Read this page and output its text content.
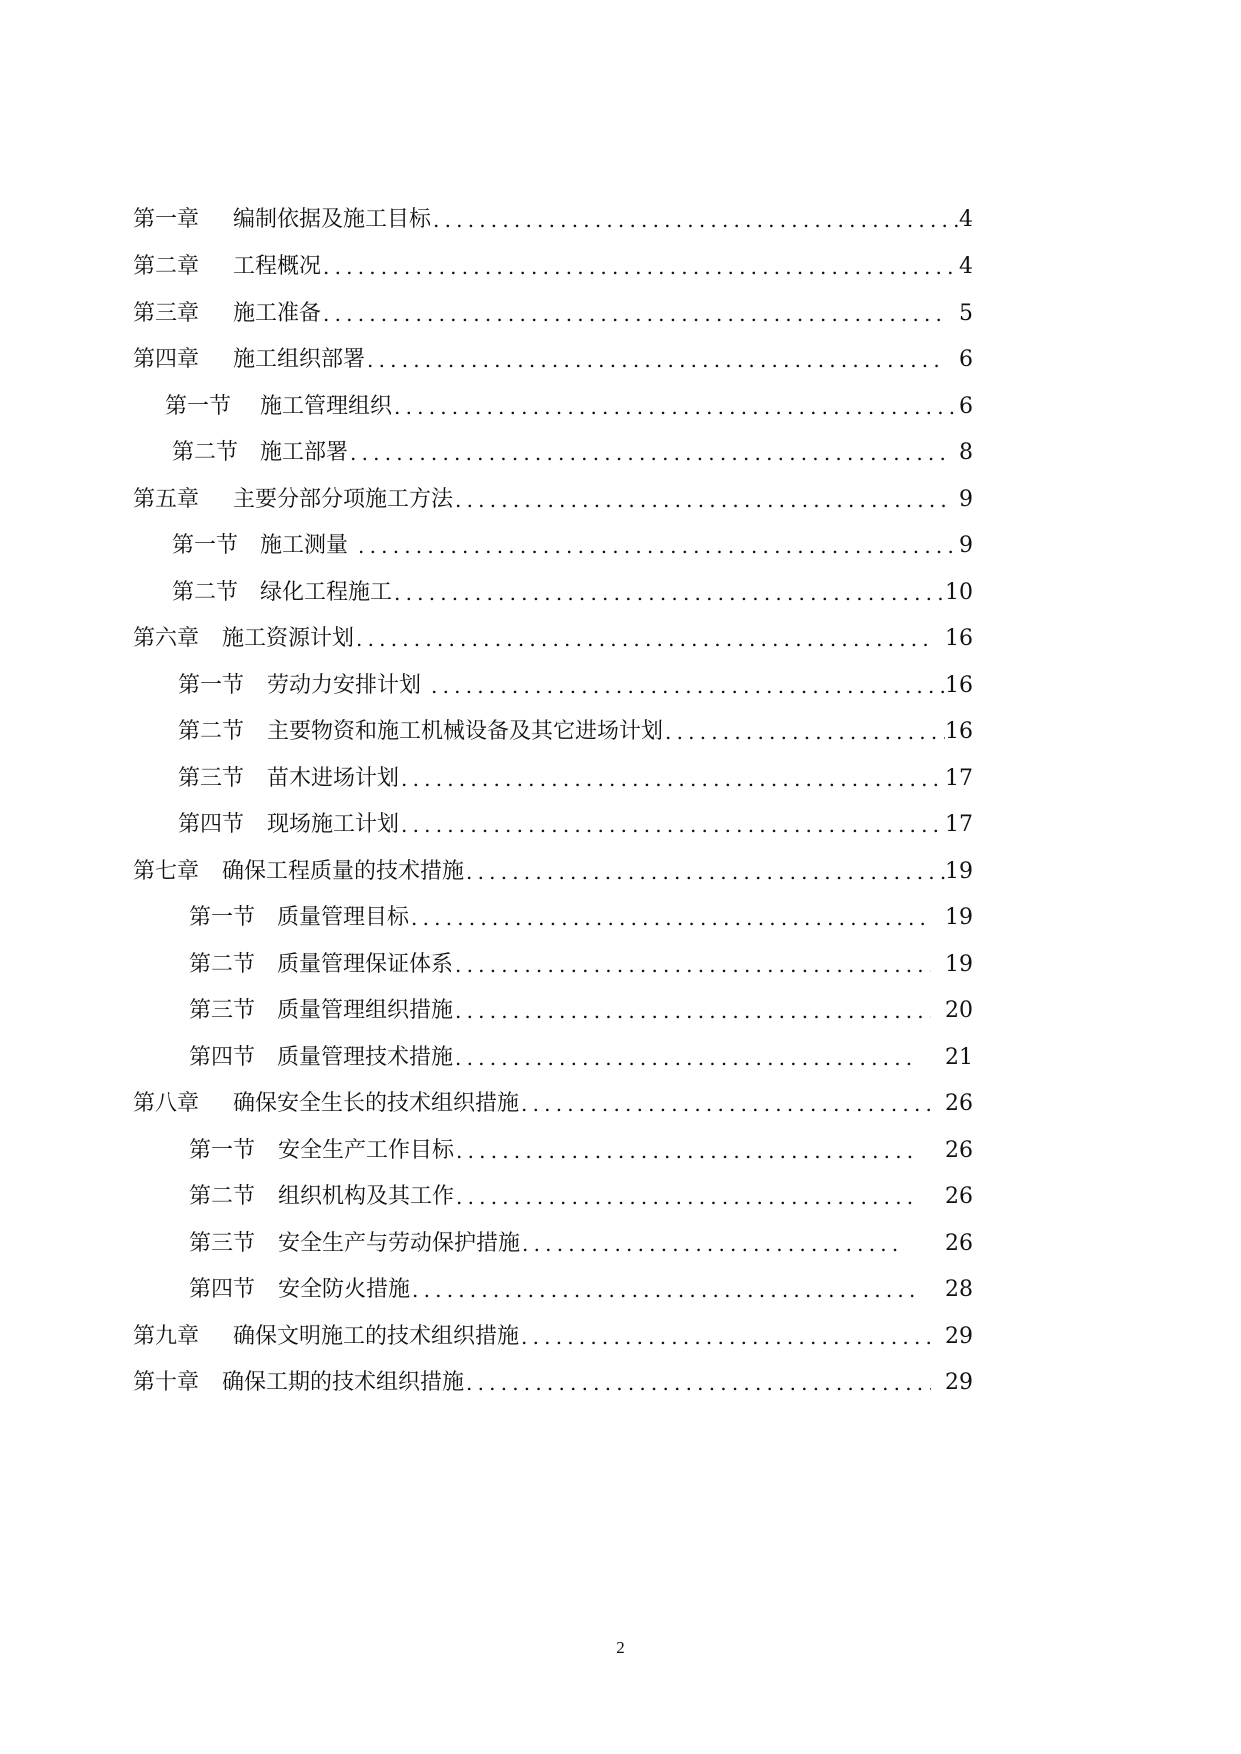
第一章	编制依据及施工目标 .....	4
第二章	工程概况 .....	4
第三章	施工准备 .....	5
第四章	施工组织部署 .....	6
第一节	施工管理组织 .....	6
第二节 施工部署 .....	8
第五章	主要分部分项施工方法 .....	9
第一节 施工测量 .....	9
第二节 绿化工程施工 .....	10
第六章	施工资源计划 .....	16
第一节	劳动力安排计划 .....	16
第二节	主要物资和施工机械设备及其它进场计划 .....	16
第三节	苗木进场计划 .....	17
第四节	现场施工计划 .....	17
第七章	确保工程质量的技术措施 .....	19
第一节 质量管理目标 .....	19
第二节 质量管理保证体系 .....	19
第三节 质量管理组织措施 .....	20
第四节 质量管理技术措施 .....	21
第八章	确保安全生长的技术组织措施 .....	26
第一节	安全生产工作目标 .....	26
第二节	组织机构及其工作 .....	26
第三节	安全生产与劳动保护措施 .....	26
第四节	安全防火措施 .....	28
第九章	确保文明施工的技术组织措施 .....	29
第十章	确保工期的技术组织措施 .....	29
2
